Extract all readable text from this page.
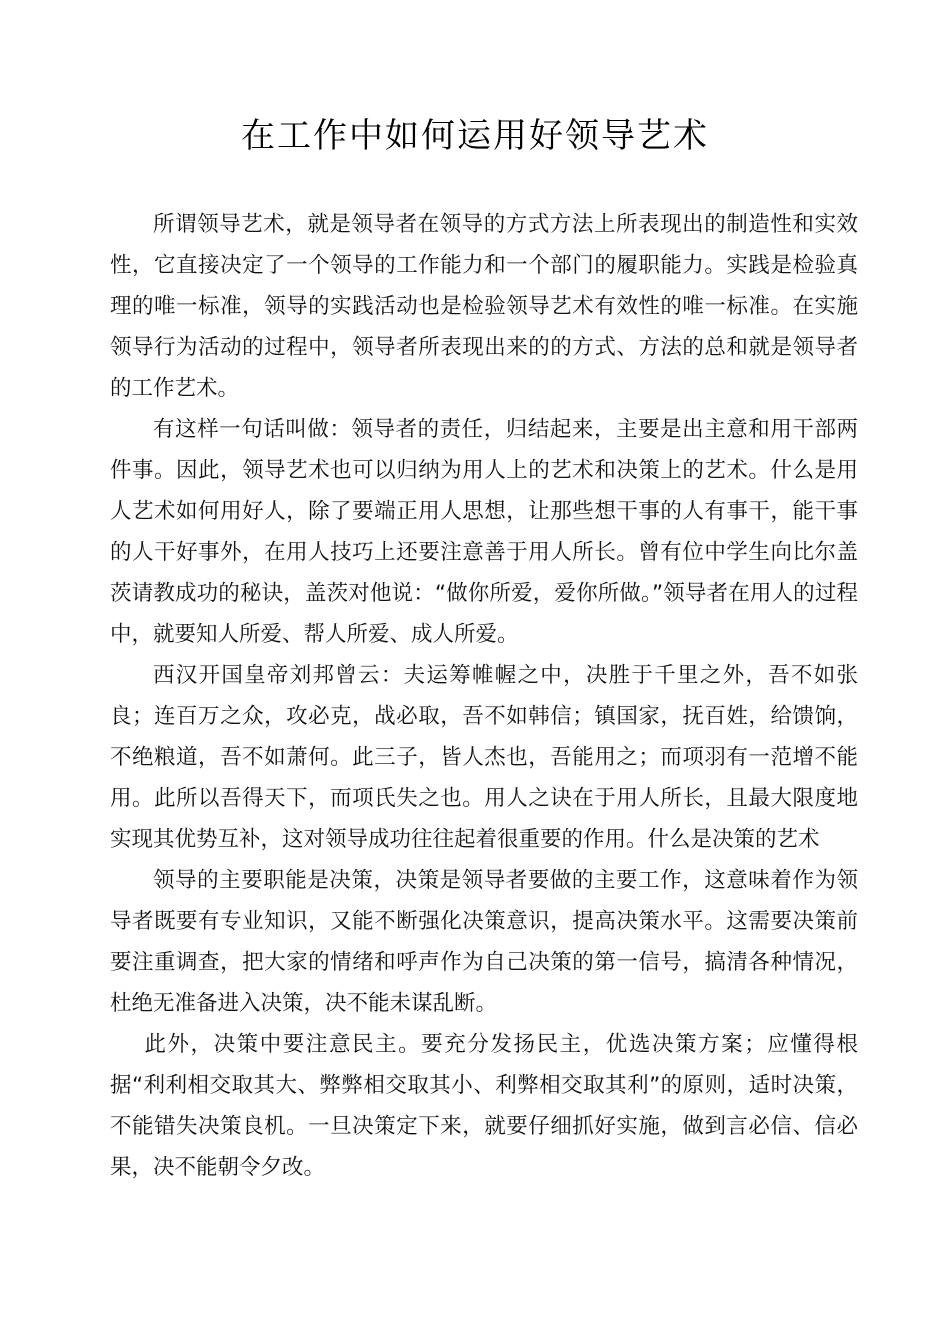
在工作中如何运用好领导艺术

所谓领导艺术，就是领导者在领导的方式方法上所表现出的制造性和实效性，它直接决定了一个领导的工作能力和一个部门的履职能力。实践是检验真理的唯一标准，领导的实践活动也是检验领导艺术有效性的唯一标准。在实施领导行为活动的过程中，领导者所表现出来的的方式、方法的总和就是领导者的工作艺术。

有这样一句话叫做：领导者的责任，归结起来，主要是出主意和用干部两件事。因此，领导艺术也可以归纳为用人上的艺术和决策上的艺术。什么是用人艺术如何用好人，除了要端正用人思想，让那些想干事的人有事干，能干事的人干好事外，在用人技巧上还要注意善于用人所长。曾有位中学生向比尔盖茨请教成功的秘诀，盖茨对他说：“做你所爱，爱你所做。”领导者在用人的过程中，就要知人所爱、帮人所爱、成人所爱。

西汉开国皇帝刘邦曾云：夫运筹帷幄之中，决胜于千里之外，吾不如张良；连百万之众，攻必克，战必取，吾不如韩信；镇国家，抚百姓，给馈饷，不绝粮道，吾不如萧何。此三子，皆人杰也，吾能用之；而项羽有一范增不能用。此所以吾得天下，而项氏失之也。用人之诀在于用人所长，且最大限度地实现其优势互补，这对领导成功往往起着很重要的作用。什么是决策的艺术

领导的主要职能是决策，决策是领导者要做的主要工作，这意味着作为领导者既要有专业知识，又能不断强化决策意识，提高决策水平。这需要决策前要注重调查，把大家的情绪和呼声作为自己决策的第一信号，搞清各种情况，杜绝无准备进入决策，决不能未谋乱断。

此外，决策中要注意民主。要充分发扬民主，优选决策方案；应懂得根据“利利相交取其大、弊弊相交取其小、利弊相交取其利”的原则，适时决策，不能错失决策良机。一旦决策定下来，就要仔细抓好实施，做到言必信、信必果，决不能朝令夕改。
